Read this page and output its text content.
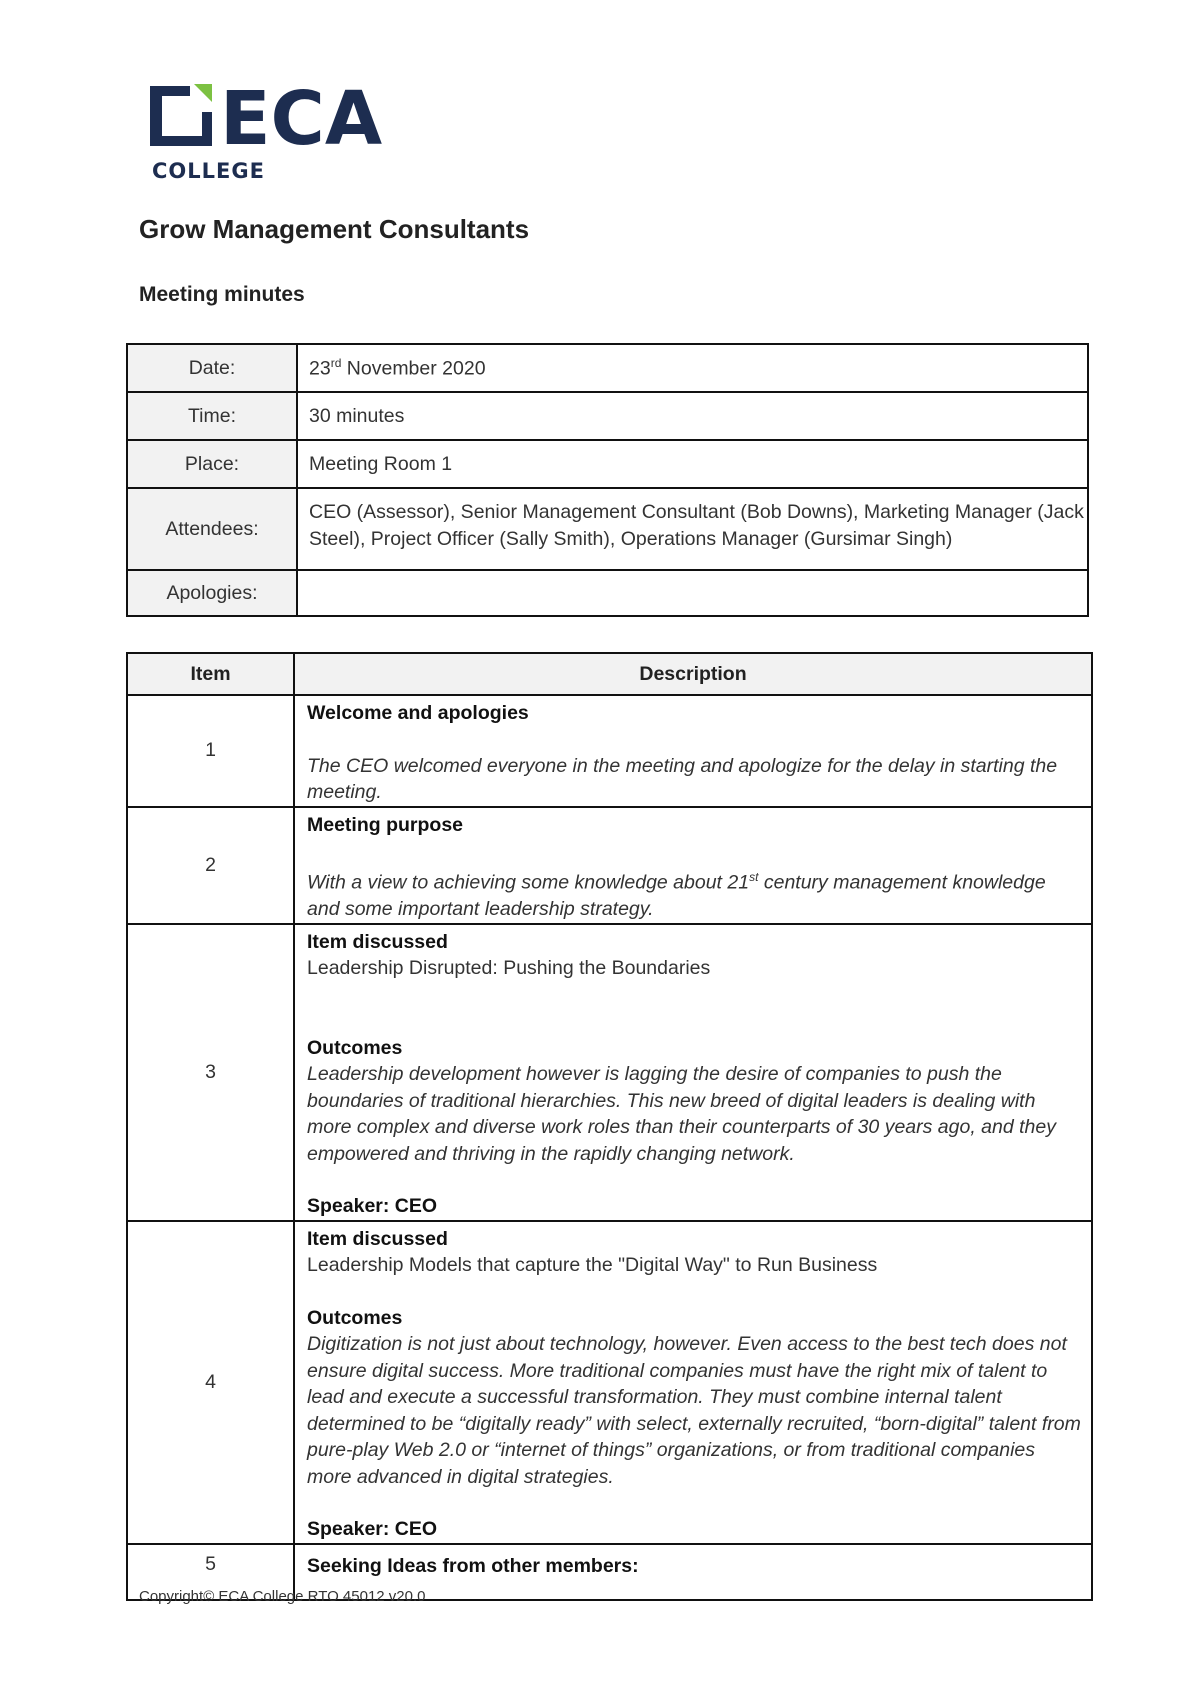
ECA
COLLEGE
Grow Management Consultants
Meeting minutes
Date:	23rd November 2020
Time:	30 minutes
Place:	Meeting Room 1
Attendees:	CEO (Assessor), Senior Management Consultant (Bob Downs), Marketing Manager (Jack Steel), Project Officer (Sally Smith), Operations Manager (Gursimar Singh)
Apologies:	
Item	Description
1	Welcome and apologies
The CEO welcomed everyone in the meeting and apologize for the delay in starting the meeting.

2	Meeting purpose
With a view to achieving some knowledge about 21st century management knowledge and some important leadership strategy.

3	Item discussed
Leadership Disrupted: Pushing the Boundaries
Outcomes
Leadership development however is lagging the desire of companies to push the boundaries of traditional hierarchies. This new breed of digital leaders is dealing with more complex and diverse work roles than their counterparts of 30 years ago, and they empowered and thriving in the rapidly changing network.
Speaker: CEO

4	Item discussed
Leadership Models that capture the "Digital Way" to Run Business
Outcomes
Digitization is not just about technology, however. Even access to the best tech does not ensure digital success. More traditional companies must have the right mix of talent to lead and execute a successful transformation. They must combine internal talent determined to be “digitally ready” with select, externally recruited, “born-digital” talent from pure-play Web 2.0 or “internet of things” organizations, or from traditional companies more advanced in digital strategies.
Speaker: CEO

5	Seeking Ideas from other members:
Copyright© ECA College RTO 45012 v20.0
